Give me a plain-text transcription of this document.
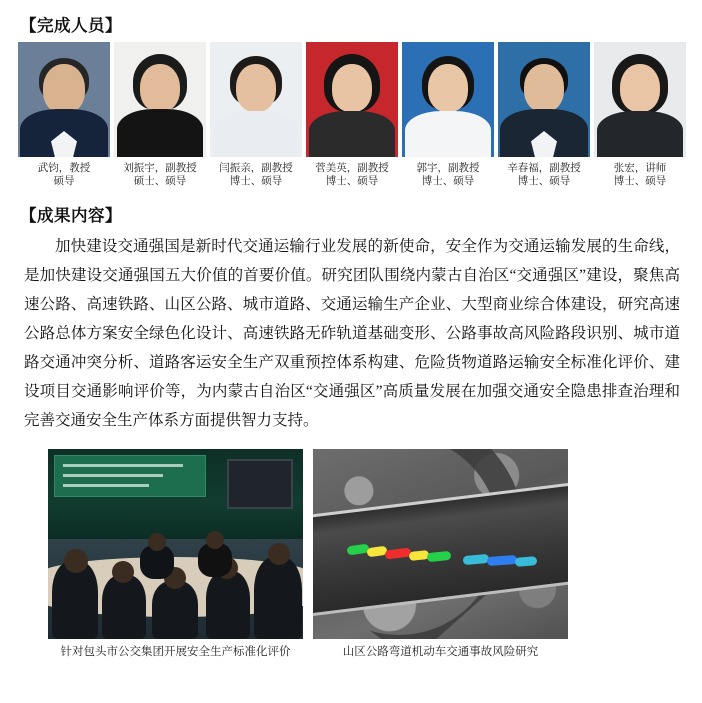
【完成人员】
武钧，教授
硕导
刘振宇，副教授
硕士、硕导
闫振亲，副教授
博士、硕导
菅美英，副教授
博士、硕导
郭宇，副教授
博士、硕导
辛春福，副教授
博士、硕导
张宏，讲师
博士、硕导
【成果内容】
加快建设交通强国是新时代交通运输行业发展的新使命，安全作为交通运输发展的生命线，是加快建设交通强国五大价值的首要价值。研究团队围绕内蒙古自治区“交通强区”建设，聚焦高速公路、高速铁路、山区公路、城市道路、交通运输生产企业、大型商业综合体建设，研究高速公路总体方案安全绿色化设计、高速铁路无砟轨道基础变形、公路事故高风险路段识别、城市道路交通冲突分析、道路客运安全生产双重预控体系构建、危险货物道路运输安全标准化评价、建设项目交通影响评价等，为内蒙古自治区“交通强区”高质量发展在加强交通安全隐患排查治理和完善交通安全生产体系方面提供智力支持。
针对包头市公交集团开展安全生产标准化评价	山区公路弯道机动车交通事故风险研究
